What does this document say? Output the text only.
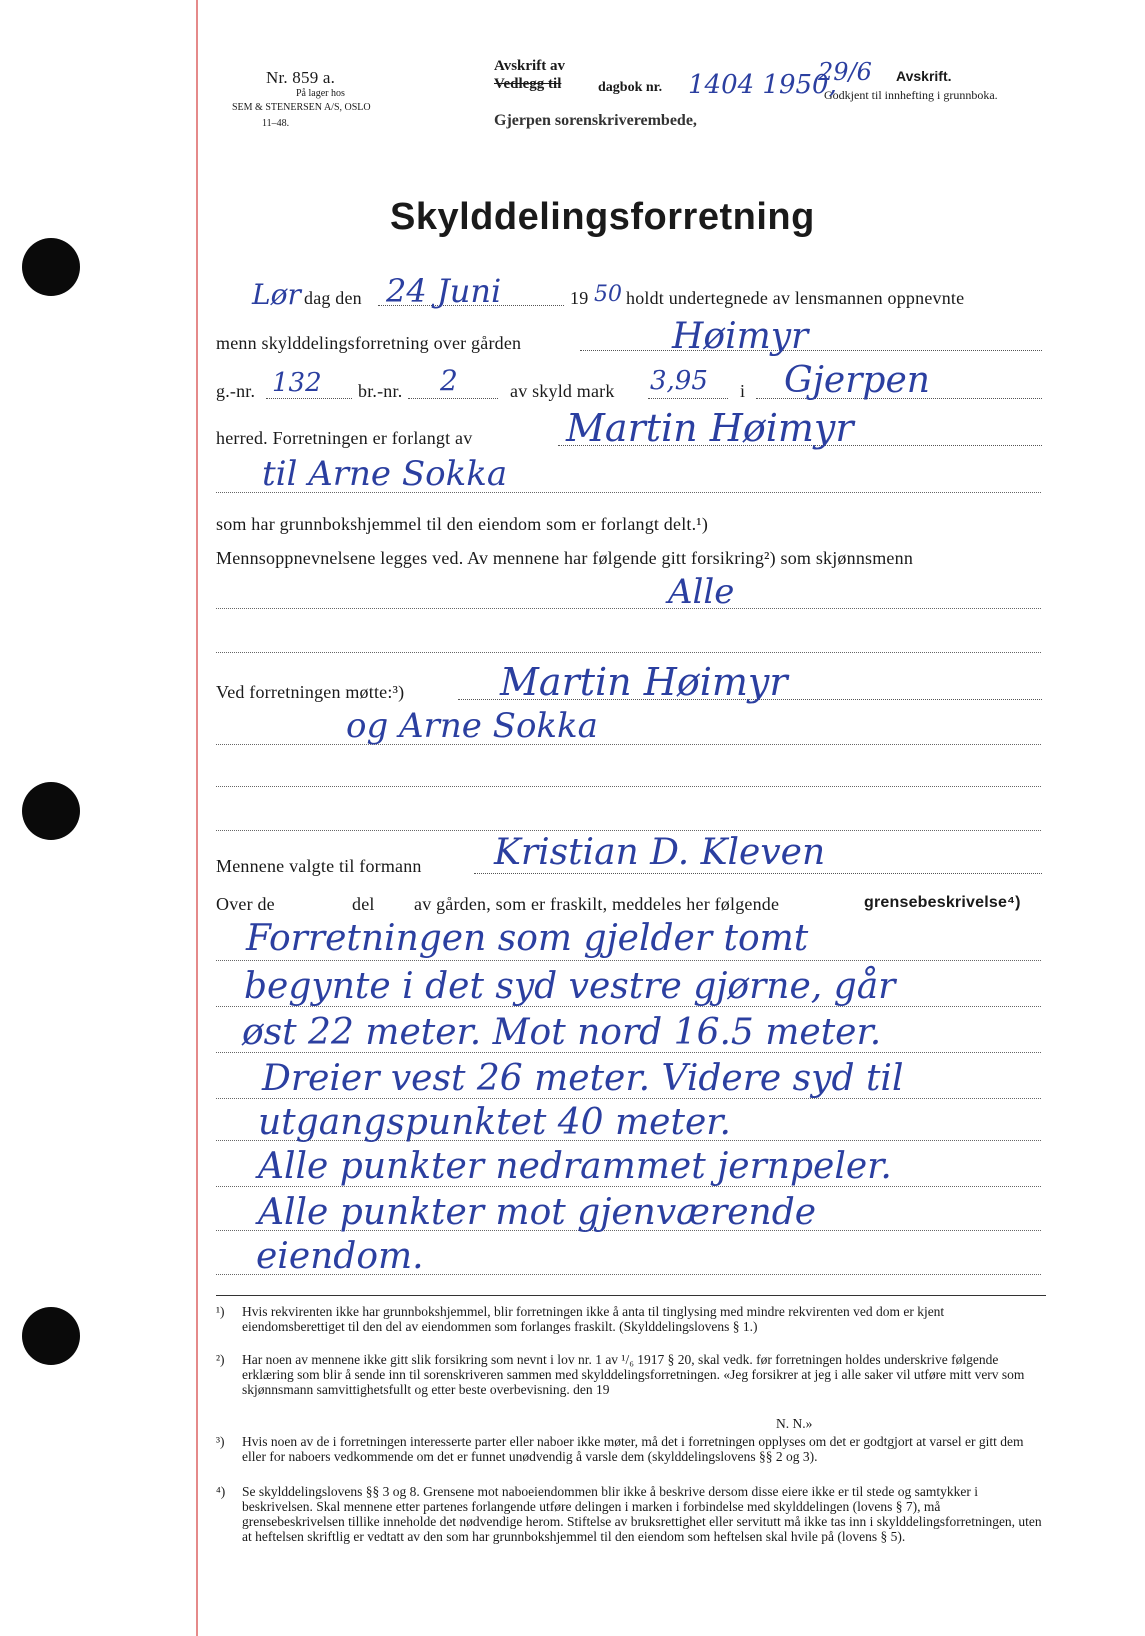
Nr. 859 a.
På lager hos
SEM & STENERSEN A/S, OSLO
11–48.
Avskrift av
Vedlegg til	dagbok nr. 1404 1950,
29/6
Gjerpen sorenskriverembede,
Avskrift.
Godkjent til innhefting i grunnboka.
Skylddelingsforretning
Lør dag den 24 Juni	19 50 holdt undertegnede av lensmannen oppnevnte
menn skylddelingsforretning over gården	Høimyr
g.-nr. 132 br.-nr. 2	av skyld mark 3,95 i Gjerpen
herred. Forretningen er forlangt av Martin Høimyr
til Arne Sokka
som har grunnbokshjemmel til den eiendom som er forlangt delt.¹)
Mennsoppnevnelsene legges ved. Av mennene har følgende gitt forsikring²) som skjønnsmenn
Alle
Ved forretningen møtte:³)	Martin Høimyr
og Arne Sokka
Mennene valgte til formann Kristian D. Kleven
Over de	del av gården, som er fraskilt, meddeles her følgende	grensebeskrivelse⁴)
Forretningen som gjelder tomt
begynte i det syd vestre gjørne, går
øst 22 meter. Mot nord 16.5 meter.
Dreier vest 26 meter. Videre syd til
utgangspunktet 40 meter.
Alle punkter nedrammet jernpeler.
Alle punkter mot gjenværende
eiendom.
¹) Hvis rekvirenten ikke har grunnbokshjemmel, blir forretningen ikke å anta til tinglysing med mindre rekvirenten ved dom er kjent eiendomsberettiget til den del av eiendommen som forlanges fraskilt. (Skylddelingslovens § 1.)
²) Har noen av mennene ikke gitt slik forsikring som nevnt i lov nr. 1 av ¹/₆ 1917 § 20, skal vedk. før forretningen holdes underskrive følgende erklæring som blir å sende inn til sorenskriveren sammen med skylddelingsforretningen. «Jeg forsikrer at jeg i alle saker vil utføre mitt verv som skjønnsmann samvittighetsfullt og etter beste overbevisning. den 19
N. N.»
³) Hvis noen av de i forretningen interesserte parter eller naboer ikke møter, må det i forretningen opplyses om det er godtgjort at varsel er gitt dem eller for naboers vedkommende om det er funnet unødvendig å varsle dem (skylddelingslovens §§ 2 og 3).
⁴) Se skylddelingslovens §§ 3 og 8. Grensene mot naboeiendommen blir ikke å beskrive dersom disse eiere ikke er til stede og samtykker i beskrivelsen. Skal mennene etter partenes forlangende utføre delingen i marken i forbindelse med skylddelingen (lovens § 7), må grensebeskrivelsen tillike inneholde det nødvendige herom. Stiftelse av bruksrettighet eller servitutt må ikke tas inn i skylddelingsforretningen, uten at heftelsen skriftlig er vedtatt av den som har grunnbokshjemmel til den eiendom som heftelsen skal hvile på (lovens § 5).
